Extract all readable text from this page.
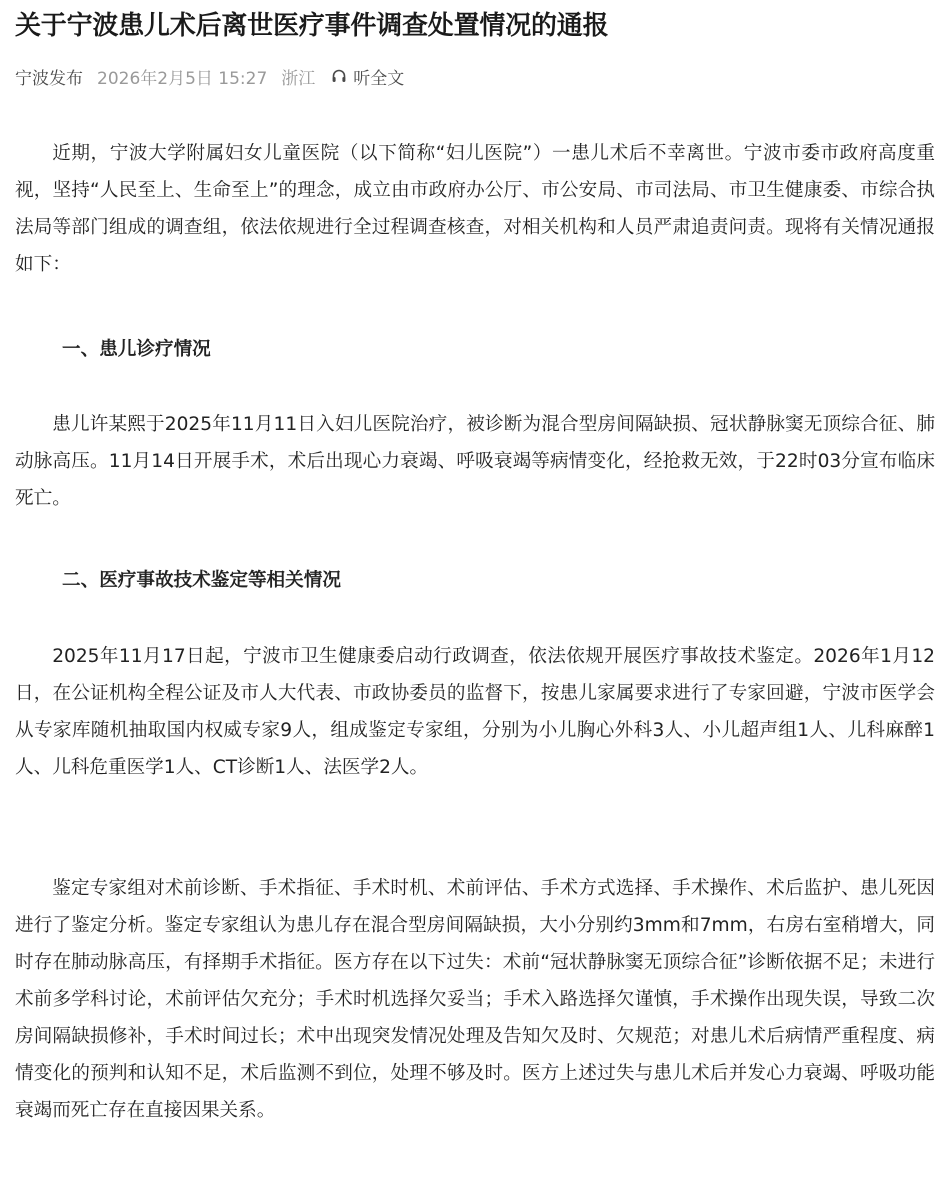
关于宁波患儿术后离世医疗事件调查处置情况的通报
宁波发布 2026年2月5日 15:27 浙江 听全文

近期，宁波大学附属妇女儿童医院（以下简称“妇儿医院”）一患儿术后不幸离世。宁波市委市政府高度重视，坚持“人民至上、生命至上”的理念，成立由市政府办公厅、市公安局、市司法局、市卫生健康委、市综合执法局等部门组成的调查组，依法依规进行全过程调查核查，对相关机构和人员严肃追责问责。现将有关情况通报如下：

一、患儿诊疗情况

患儿许某熙于2025年11月11日入妇儿医院治疗，被诊断为混合型房间隔缺损、冠状静脉窦无顶综合征、肺动脉高压。11月14日开展手术，术后出现心力衰竭、呼吸衰竭等病情变化，经抢救无效，于22时03分宣布临床死亡。

二、医疗事故技术鉴定等相关情况

2025年11月17日起，宁波市卫生健康委启动行政调查，依法依规开展医疗事故技术鉴定。2026年1月12日，在公证机构全程公证及市人大代表、市政协委员的监督下，按患儿家属要求进行了专家回避，宁波市医学会从专家库随机抽取国内权威专家9人，组成鉴定专家组，分别为小儿胸心外科3人、小儿超声组1人、儿科麻醉1人、儿科危重医学1人、CT诊断1人、法医学2人。

鉴定专家组对术前诊断、手术指征、手术时机、术前评估、手术方式选择、手术操作、术后监护、患儿死因进行了鉴定分析。鉴定专家组认为患儿存在混合型房间隔缺损，大小分别约3mm和7mm，右房右室稍增大，同时存在肺动脉高压，有择期手术指征。医方存在以下过失：术前“冠状静脉窦无顶综合征”诊断依据不足；未进行术前多学科讨论，术前评估欠充分；手术时机选择欠妥当；手术入路选择欠谨慎，手术操作出现失误，导致二次房间隔缺损修补，手术时间过长；术中出现突发情况处理及告知欠及时、欠规范；对患儿术后病情严重程度、病情变化的预判和认知不足，术后监测不到位，处理不够及时。医方上述过失与患儿术后并发心力衰竭、呼吸功能衰竭而死亡存在直接因果关系。
